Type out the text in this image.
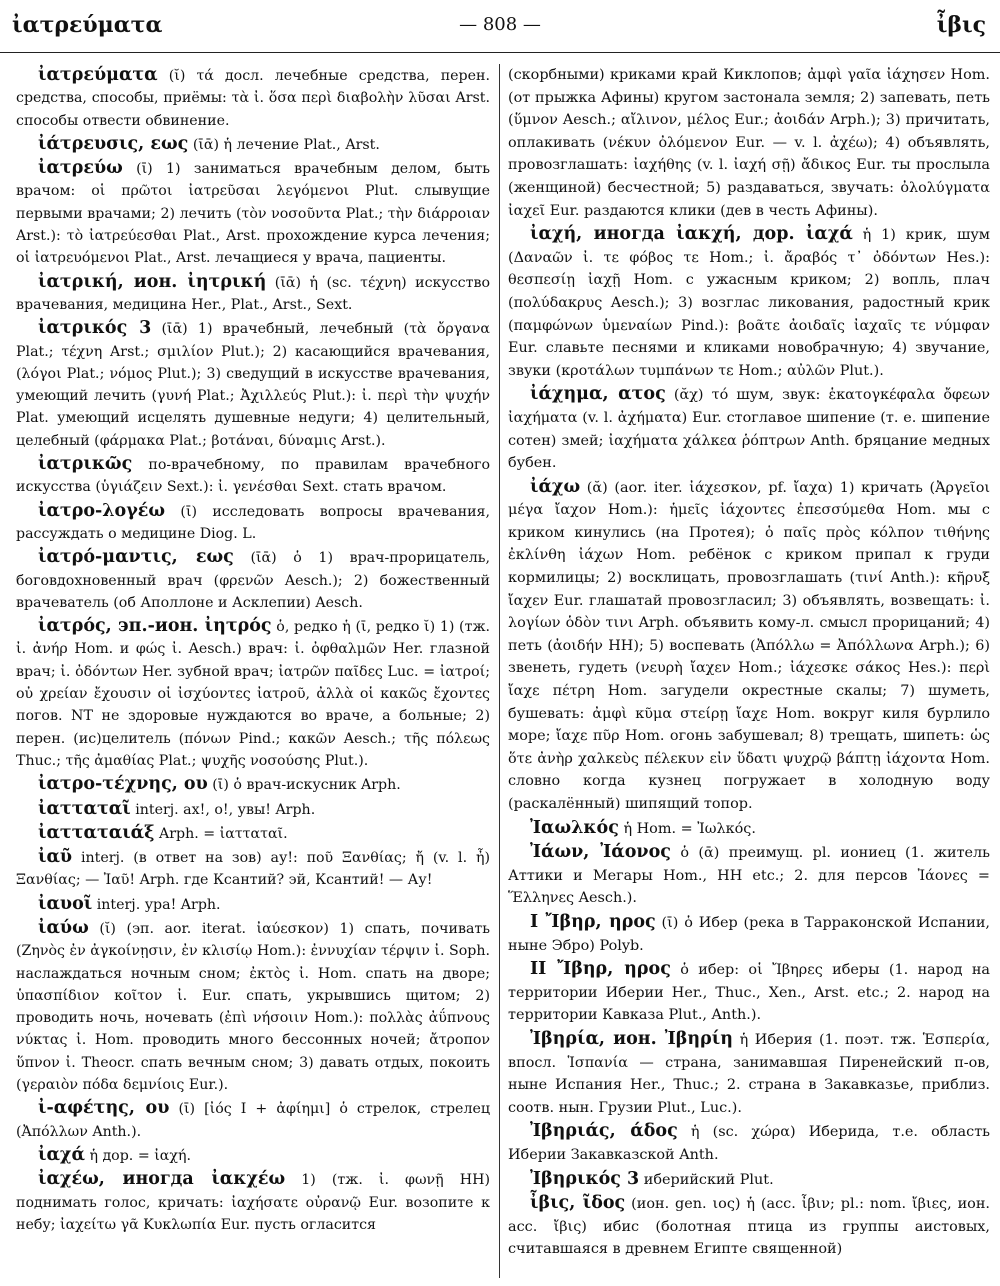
ἰατρεύματα	— 808 —	ἶβις

ἰατρεύματα (ῐ) τά досл. лечебные средства, перен. средства, способы, приёмы: τὰ ἰ. ὅσα περὶ διαβολὴν λῦσαι Arst. способы отвести обвинение.

ἰάτρευσις, εως (ῑᾱ) ἡ лечение Plat., Arst.

ἰατρεύω (ῑ) 1) заниматься врачебным делом, быть врачом: οἱ πρῶτοι ἰατρεῦσαι λεγόμενοι Plut. слывущие первыми врачами; 2) лечить (τὸν νοσοῦντα Plat.; τὴν διάρροιαν Arst.): τὸ ἰατρεύεσθαι Plat., Arst. прохождение курса лечения; οἱ ἰατρευόμενοι Plat., Arst. лечащиеся у врача, пациенты.

ἰατρική, ион. ἰητρική (ῑᾱ) ἡ (sc. τέχνη) искусство врачевания, медицина Her., Plat., Arst., Sext.

ἰατρικός 3 (ῑᾱ) 1) врачебный, лечебный (τὰ ὄργανα Plat.; τέχνη Arst.; σμιλίον Plut.); 2) касающийся врачевания, (λόγοι Plat.; νόμος Plut.); 3) сведущий в искусстве врачевания, умеющий лечить (γυνή Plat.; Ἀχιλλεύς Plut.): ἰ. περὶ τὴν ψυχήν Plat. умеющий исцелять душевные недуги; 4) целительный, целебный (φάρμακα Plat.; βοτάναι, δύναμις Arst.).

ἰατρικῶς по-врачебному, по правилам врачебного искусства (ὑγιάζειν Sext.): ἰ. γενέσθαι Sext. стать врачом.

ἰατρο-λογέω (ῑ) исследовать вопросы врачевания, рассуждать о медицине Diog. L.

ἰατρό-μαντις, εως (ῑᾱ) ὁ 1) врач-прорицатель, боговдохновенный врач (φρενῶν Aesch.); 2) божественный врачеватель (об Аполлоне и Асклепии) Aesch.

ἰατρός, эп.-ион. ἰητρός ὁ, редко ἡ (ῑ, редко ῐ) 1) (тж. ἰ. ἀνήρ Hom. и φώς ἰ. Aesch.) врач: ἰ. ὀφθαλμῶν Her. глазной врач; ἰ. ὀδόντων Her. зубной врач; ἰατρῶν παῖδες Luc. = ἰατροί; οὐ χρείαν ἔχουσιν οἱ ἰσχύοντες ἰατροῦ, ἀλλὰ οἱ κακῶς ἔχοντες погов. NT не здоровые нуждаются во враче, а больные; 2) перен. (ис)целитель (πόνων Pind.; κακῶν Aesch.; τῆς πόλεως Thuc.; τῆς ἀμαθίας Plat.; ψυχῆς νοσούσης Plut.).

ἰατρο-τέχνης, ου (ῑ) ὁ врач-искусник Arph.

ἰατταταῖ interj. ах!, о!, увы! Arph.

ἰατταταιάξ Arph. = ἰατταταῖ.

ἰαῦ interj. (в ответ на зов) ау!: ποῦ Ξανθίας; ἤ (v. l. ἦ) Ξανθίας; — Ἰαῦ! Arph. где Ксантий? эй, Ксантий! — Ау!

ἰαυοῖ interj. ура! Arph.

ἰαύω (ῐ) (эп. aor. iterat. ἰαύεσκον) 1) спать, почивать (Ζηνὸς ἐν ἀγκοίνῃσιν, ἐν κλισίῳ Hom.): ἐννυχίαν τέρψιν ἰ. Soph. наслаждаться ночным сном; ἐκτὸς ἰ. Hom. спать на дворе; ὑπασπίδιον κοῖτον ἰ. Eur. спать, укрывшись щитом; 2) проводить ночь, ночевать (ἐπὶ νήσοιιν Hom.): πολλὰς ἀΰπνους νύκτας ἰ. Hom. проводить много бессонных ночей; ἄτροπον ὕπνον ἰ. Theocr. спать вечным сном; 3) давать отдых, покоить (γεραιὸν πόδα δεμνίοις Eur.).

ἰ-αφέτης, ου (ῑ) [ἰός I + ἀφίημι] ὁ стрелок, стрелец (Ἀπόλλων Anth.).

ἰαχά ἡ дор. = ἰαχή.

ἰαχέω, иногда ἰακχέω 1) (тж. ἰ. φωνῇ НН) поднимать голос, кричать: ἰαχήσατε οὐρανῷ Eur. возопите к небу; ἰαχείτω γᾶ Κυκλωπία Eur. пусть огласится

(скорбными) криками край Киклопов; ἀμφὶ γαῖα ἰάχησεν Hom. (от прыжка Афины) кругом застонала земля; 2) запевать, петь (ὕμνον Aesch.; αἴλινον, μέλος Eur.; ἀοιδάν Arph.); 3) причитать, оплакивать (νέκυν ὀλόμενον Eur. — v. l. ἀχέω); 4) объявлять, провозглашать: ἰαχήθης (v. l. ἰαχή σῇ) ἄδικος Eur. ты прослыла (женщиной) бесчестной; 5) раздаваться, звучать: ὀλολύγματα ἰαχεῖ Eur. раздаются клики (дев в честь Афины).

ἰαχή, иногда ἰακχή, дор. ἰαχά ἡ 1) крик, шум (Δαναῶν ἰ. τε φόβος τε Hom.; ἰ. ἄραβός τ᾿ ὀδόντων Hes.): θεσπεσίῃ ἰαχῇ Hom. с ужасным криком; 2) вопль, плач (πολύδακρυς Aesch.); 3) возглас ликования, радостный крик (παμφώνων ὑμεναίων Pind.): βοᾶτε ἀοιδαῖς ἰαχαῖς τε νύμφαν Eur. славьте песнями и кликами новобрачную; 4) звучание, звуки (κροτάλων τυμπάνων τε Hom.; αὐλῶν Plut.).

ἰάχημα, ατος (ᾰχ) τό шум, звук: ἑκατογκέφαλα ὄφεων ἰαχήματα (v. l. ἀχήματα) Eur. стоглавое шипение (т. е. шипение сотен) змей; ἰαχήματα χάλκεα ῥόπτρων Anth. бряцание медных бубен.

ἰάχω (ᾰ) (aor. iter. ἰάχεσκον, pf. ἴαχα) 1) кричать (Ἀργεῖοι μέγα ἴαχον Hom.): ἡμεῖς ἰάχοντες ἐπεσσύμεθα Hom. мы с криком кинулись (на Протея); ὁ παῖς πρὸς κόλπον τιθήνης ἐκλίνθη ἰάχων Hom. ребёнок с криком припал к груди кормилицы; 2) восклицать, провозглашать (τινί Anth.): κῆρυξ ἴαχεν Eur. глашатай провозгласил; 3) объявлять, возвещать: ἰ. λογίων ὁδὸν τινι Arph. объявить кому-л. смысл прорицаний; 4) петь (ἀοιδήν НН); 5) воспевать (Ἀπόλλω = Ἀπόλλωνα Arph.); 6) звенеть, гудеть (νευρὴ ἴαχεν Hom.; ἰάχεσκε σάκος Hes.): περὶ ἴαχε πέτρη Hom. загудели окрестные скалы; 7) шуметь, бушевать: ἀμφὶ κῦμα στείρῃ ἴαχε Hom. вокруг киля бурлило море; ἴαχε πῦρ Hom. огонь забушевал; 8) трещать, шипеть: ὡς ὅτε ἀνὴρ χαλκεὺς πέλεκυν εἰν ὕδατι ψυχρῷ βάπτῃ ἰάχοντα Hom. словно когда кузнец погружает в холодную воду (раскалённый) шипящий топор.

Ἰαωλκός ἡ Hom. = Ἰωλκός.

Ἰάων, Ἰάονος ὁ (ᾱ) преимущ. pl. иониец (1. житель Аттики и Мегары Hom., НН etc.; 2. для персов Ἰάονες = Ἕλληνες Aesch.).

I Ἴβηρ, ηρος (ῑ) ὁ Ибер (река в Тарраконской Испании, ныне Эбро) Polyb.

II Ἴβηρ, ηρος ὁ ибер: οἱ Ἴβηρες иберы (1. народ на территории Иберии Her., Thuc., Xen., Arst. etc.; 2. народ на территории Кавказа Plut., Anth.).

Ἰβηρία, ион. Ἰβηρίη ἡ Иберия (1. поэт. тж. Ἑσπερία, впосл. Ἱσπανία — страна, занимавшая Пиренейский п-ов, ныне Испания Her., Thuc.; 2. страна в Закавказье, приблиз. соотв. нын. Грузии Plut., Luc.).

Ἰβηριάς, άδος ἡ (sc. χώρα) Иберида, т.е. область Иберии Закавказской Anth.

Ἰβηρικός 3 иберийский Plut.

ἶβις, ῖδος (ион. gen. ιος) ἡ (acc. ἶβιν; pl.: nom. ἴβιες, ион. acc. ἴβις) ибис (болотная птица из группы аистовых, считавшаяся в древнем Египте священной)
